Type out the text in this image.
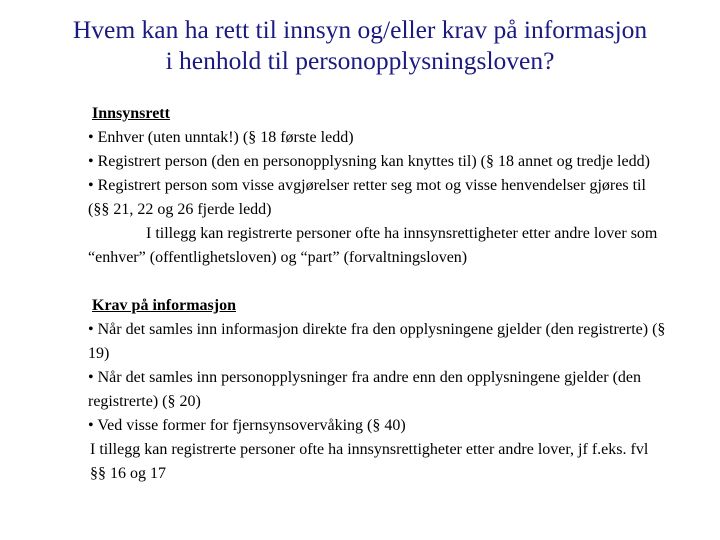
Hvem kan ha rett til innsyn og/eller krav på informasjon
i henhold til personopplysningsloven?

Innsynsrett

• Enhver (uten unntak!) (§ 18 første ledd)

• Registrert person (den en personopplysning kan knyttes til) (§ 18 annet og tredje ledd)

• Registrert person som visse avgjørelser retter seg mot og visse henvendelser gjøres til (§§ 21, 22 og 26 fjerde ledd)

I tillegg kan registrerte personer ofte ha innsynsrettigheter etter andre lover som “enhver” (offentlighetsloven) og “part” (forvaltningsloven)

Krav på informasjon

• Når det samles inn informasjon direkte fra den opplysningene gjelder (den registrerte) (§ 19)

• Når det samles inn personopplysninger fra andre enn den opplysningene gjelder (den registrerte) (§ 20)

• Ved visse former for fjernsynsovervåking (§ 40)

I tillegg kan registrerte personer ofte ha innsynsrettigheter etter andre lover, jf f.eks. fvl §§ 16 og 17
